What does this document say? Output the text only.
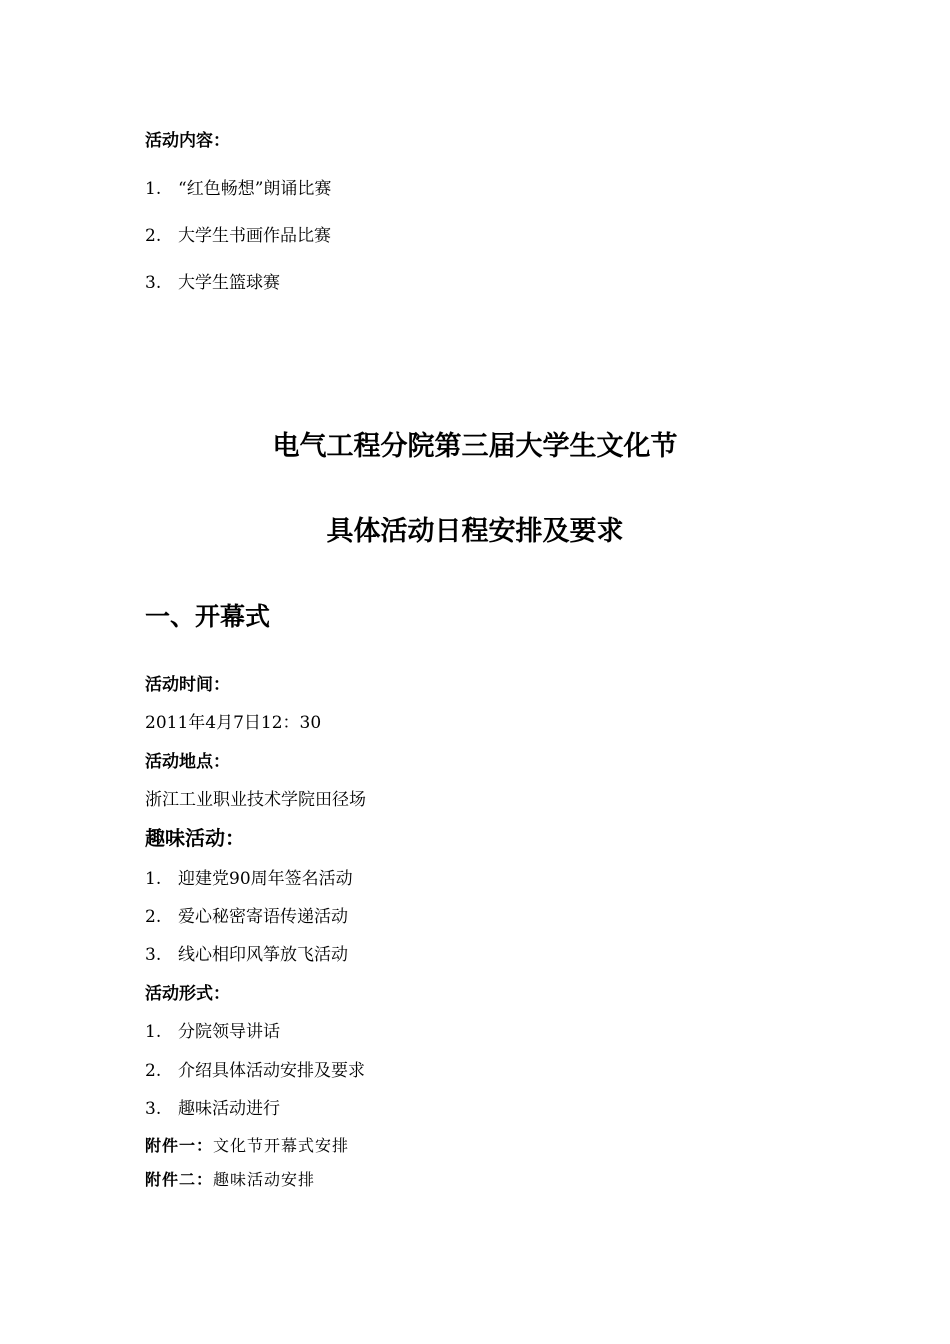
活动内容：
1. “红色畅想”朗诵比赛
2. 大学生书画作品比赛
3. 大学生篮球赛
电气工程分院第三届大学生文化节
具体活动日程安排及要求
一、开幕式
活动时间：
2011年4月7日12：30
活动地点：
浙江工业职业技术学院田径场
趣味活动：
1. 迎建党90周年签名活动
2. 爱心秘密寄语传递活动
3. 线心相印风筝放飞活动
活动形式：
1. 分院领导讲话
2. 介绍具体活动安排及要求
3. 趣味活动进行
附件一：文化节开幕式安排
附件二：趣味活动安排
